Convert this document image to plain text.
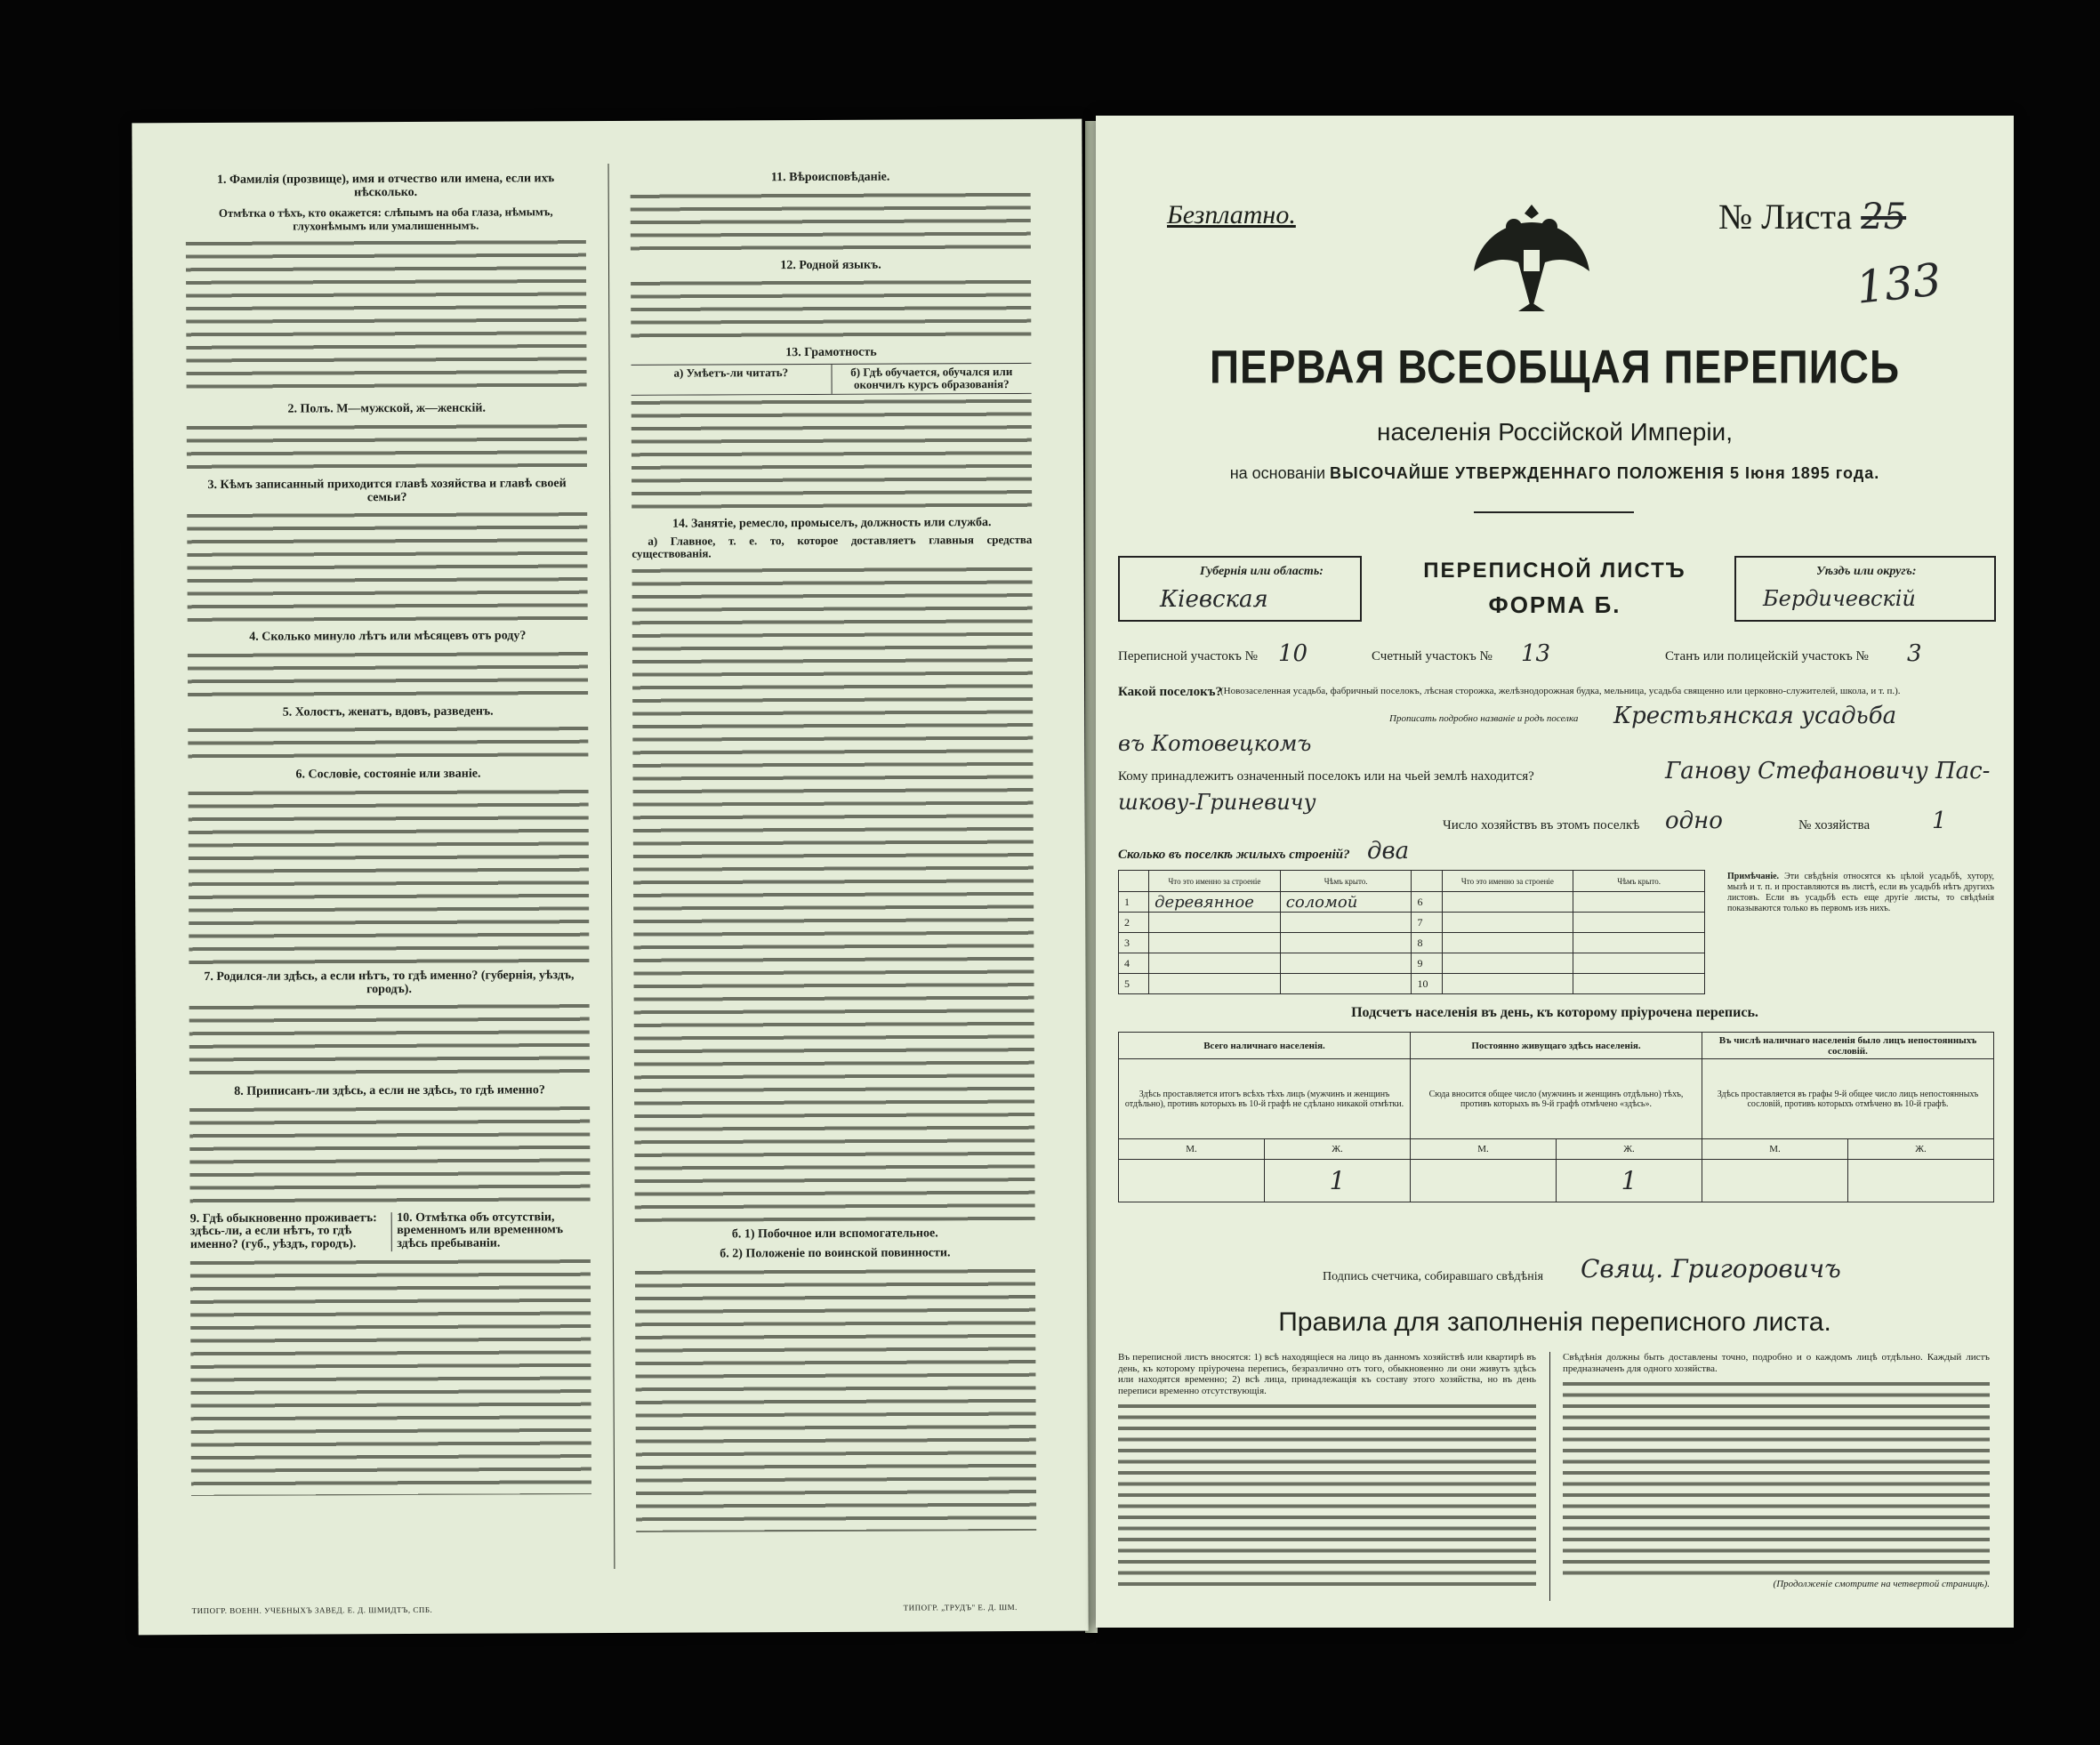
1. Фамилія (прозвище), имя и отчество или имена, если ихъ нѣсколько.
Отмѣтка о тѣхъ, кто окажется: слѣпымъ на оба глаза, нѣмымъ, глухонѣмымъ или умалишеннымъ.
2. Полъ. М—мужской, ж—женскій.
3. Кѣмъ записанный приходится главѣ хозяйства и главѣ своей семьи?
4. Сколько минуло лѣтъ или мѣсяцевъ отъ роду?
5. Холостъ, женатъ, вдовъ, разведенъ.
6. Сословіе, состояніе или званіе.
7. Родился-ли здѣсь, а если нѣтъ, то гдѣ именно? (губернія, уѣздъ, городъ).
8. Приписанъ-ли здѣсь, а если не здѣсь, то гдѣ именно?
9. Гдѣ обыкновенно проживаетъ: здѣсь-ли, а если нѣтъ, то гдѣ именно? (губ., уѣздъ, городъ).
10. Отмѣтка объ отсутствіи, временномъ или временномъ здѣсь пребываніи.
11. Вѣроисповѣданіе.
12. Родной языкъ.
13. Грамотность
а) Умѣетъ-ли читать?	б) Гдѣ обучается, обучался или окончилъ курсъ образованія?
14. Занятіе, ремесло, промыселъ, должность или служба.

а) Главное, т. е. то, которое доставляетъ главныя средства существованія.

б. 1) Побочное или вспомогательное.
б. 2) Положеніе по воинской повинности.
ТИПОГР. ВОЕНН. УЧЕБНЫХЪ ЗАВЕД. Е. Д. ШМИДТЪ, СПБ.	ТИПОГР. „ТРУДЪ" Е. Д. ШМ.
Безплатно.	№ Листа 25
133
ПЕРВАЯ ВСЕОБЩАЯ ПЕРЕПИСЬ
населенія Россійской Имперіи,
на основаніи ВЫСОЧАЙШЕ УТВЕРЖДЕННАГО ПОЛОЖЕНІЯ 5 Іюня 1895 года.
Губернія или область:
Кіевская
ПЕРЕПИСНОЙ ЛИСТЪ
ФОРМА Б.
Уѣздъ или округъ:
Бердичевскій
Переписной участокъ № 10	Счетный участокъ № 13	Станъ или полицейскій участокъ № 3
Какой поселокъ?
(Новозаселенная усадьба, фабричный поселокъ, лѣсная сторожка, желѣзнодорожная будка, мельница, усадьба священно или церковно-служителей, школа, и т. п.).
Прописать подробно названіе и родъ поселка Крестьянская усадьба
въ Котовецкомъ
Кому принадлежитъ означенный поселокъ или на чьей землѣ находится?	Ганову Стефановичу Пас-
шкову-Гриневичу
Число хозяйствъ въ этомъ поселкѣ одно	№ хозяйства	1
Сколько въ поселкѣ жилыхъ строеній? два
	Что это именно за строеніе	Чѣмъ крыто.		Что это именно за строеніе	Чѣмъ крыто.
1	деревянное	соломой	6		
2			7		
3			8		
4			9		
5			10		
Примѣчаніе. Эти свѣдѣнія относятся къ цѣлой усадьбѣ, хутору, мызѣ и т. п. и проставляются въ листѣ, если въ усадьбѣ нѣтъ другихъ листовъ. Если въ усадьбѣ есть еще другіе листы, то свѣдѣнія показываются только въ первомъ изъ нихъ.
Подсчетъ населенія въ день, къ которому пріурочена перепись.
Всего наличнаго населенія.		Постоянно живущаго здѣсь населенія.		Въ числѣ наличнаго населенія было лицъ непостоянныхъ сословій.	
Здѣсь проставляется итогъ всѣхъ тѣхъ лицъ (мужчинъ и женщинъ отдѣльно), противъ которыхъ въ 10-й графѣ не сдѣлано никакой отмѣтки.		Сюда вносится общее число (мужчинъ и женщинъ отдѣльно) тѣхъ, противъ которыхъ въ 9-й графѣ отмѣчено «здѣсь».		Здѣсь проставляется въ графы 9-й общее число лицъ непостоянныхъ сословій, противъ которыхъ отмѣчено въ 10-й графѣ.	
М.	Ж.	М.	Ж.	М.	Ж.
	1		1		
Подпись счетчика, собиравшаго свѣдѣнія Свящ. Григоровичъ
Правила для заполненія переписного листа.
Въ переписной листъ вносятся: 1) всѣ находящіеся на лицо въ данномъ хозяйствѣ или квартирѣ въ день, къ которому пріурочена перепись, безразлично отъ того, обыкновенно ли они живутъ здѣсь или находятся временно; 2) всѣ лица, принадлежащія къ составу этого хозяйства, но въ день переписи временно отсутствующія.
Свѣдѣнія должны быть доставлены точно, подробно и о каждомъ лицѣ отдѣльно. Каждый листъ предназначенъ для одного хозяйства.
(Продолженіе смотрите на четвертой страницѣ).
